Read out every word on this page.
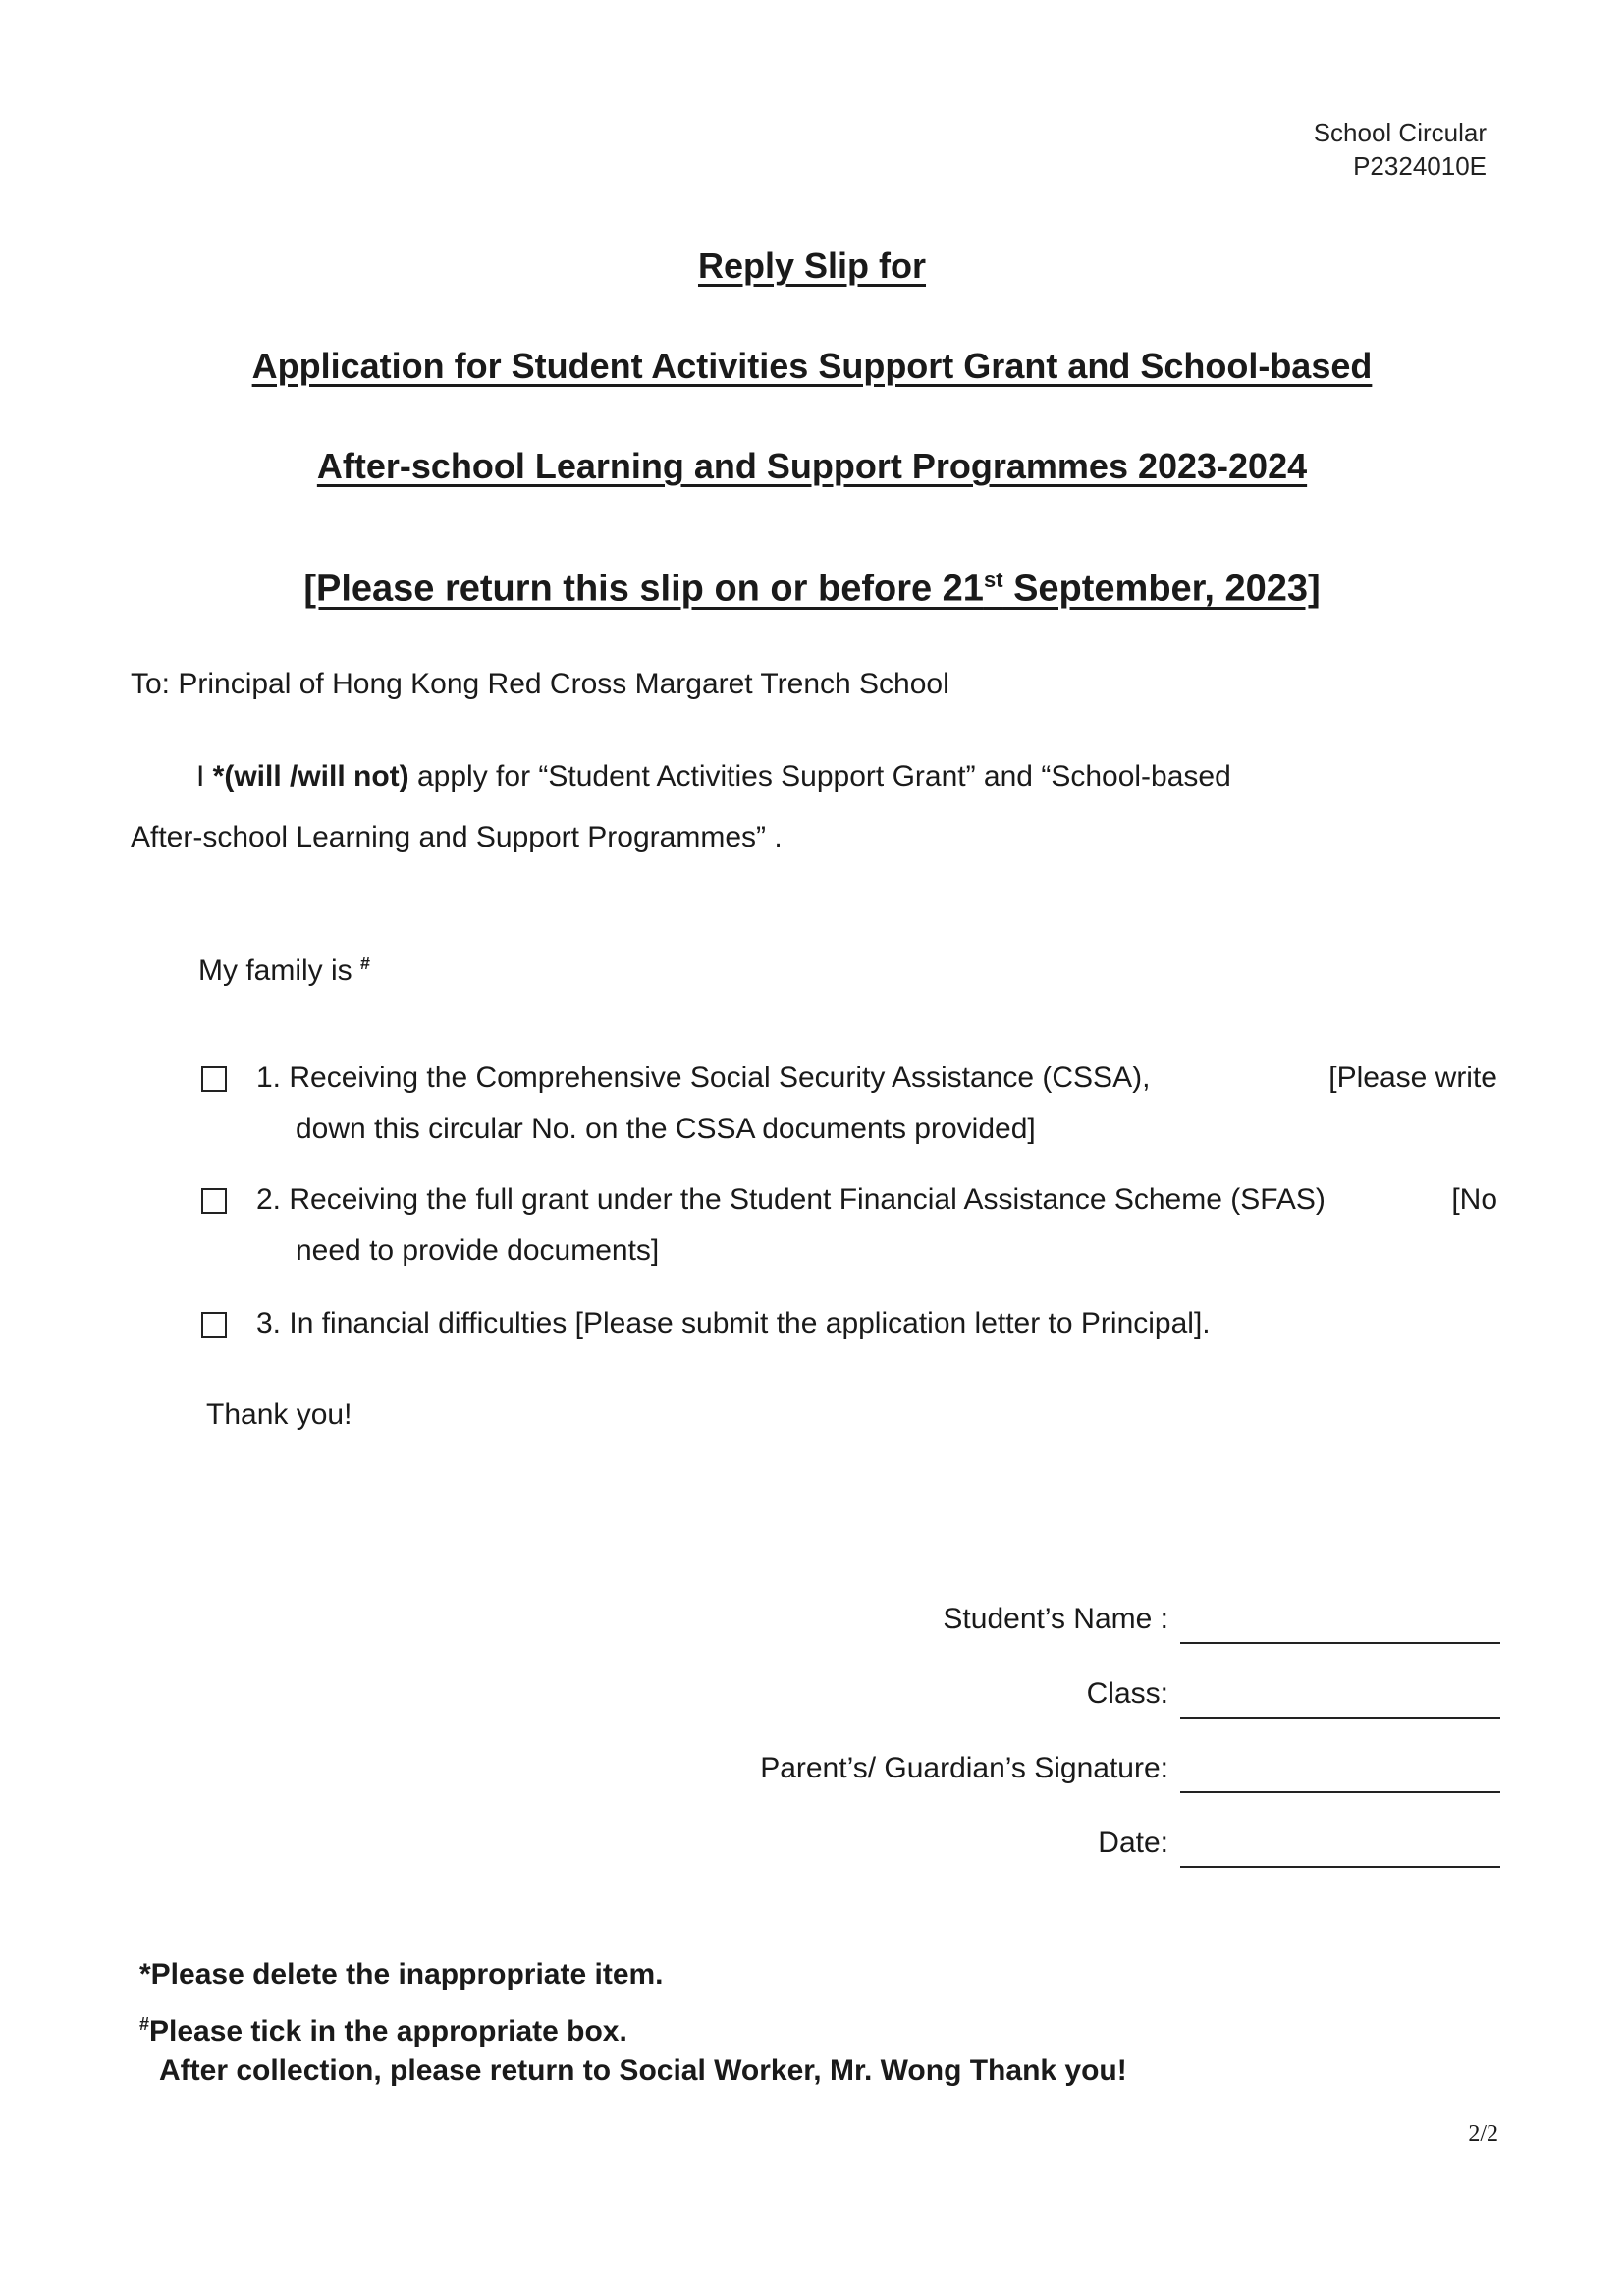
School Circular
P2324010E
Reply Slip for
Application for Student Activities Support Grant and School-based
After-school Learning and Support Programmes 2023-2024
[Please return this slip on or before 21st September, 2023]
To: Principal of Hong Kong Red Cross Margaret Trench School
I *(will /will not) apply for “Student Activities Support Grant” and “School-based
After-school Learning and Support Programmes” .
My family is #
1. Receiving the Comprehensive Social Security Assistance (CSSA),	[Please write
down this circular No. on the CSSA documents provided]
2. Receiving the full grant under the Student Financial Assistance Scheme (SFAS)	[No
need to provide documents]
3. In financial difficulties [Please submit the application letter to Principal].
Thank you!
Student’s Name :
Class:
Parent’s/ Guardian’s Signature:
Date:
*Please delete the inappropriate item.
#Please tick in the appropriate box.
After collection, please return to Social Worker, Mr. Wong Thank you!
2/2
